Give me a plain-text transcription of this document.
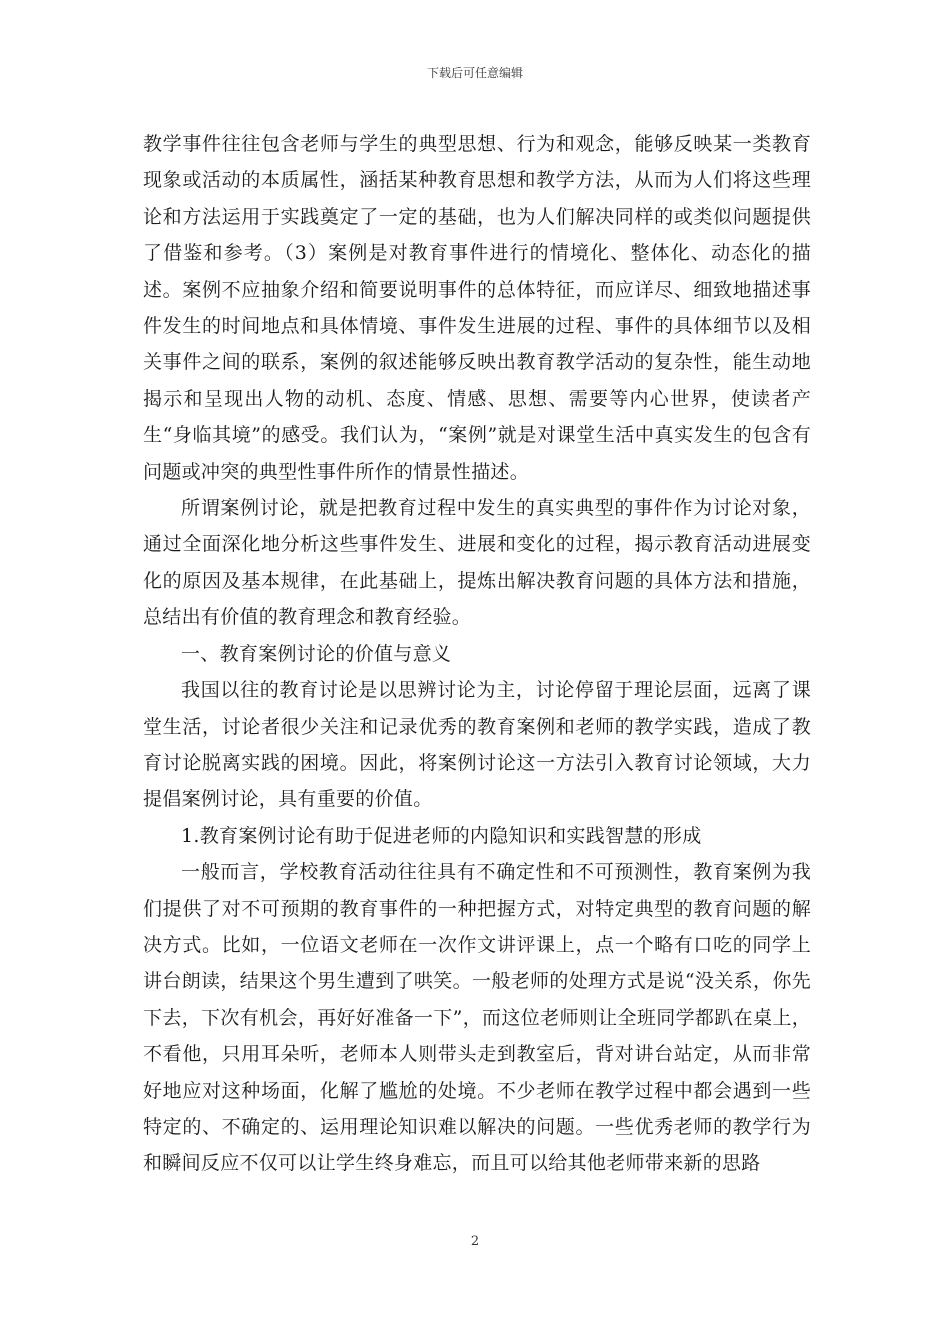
下载后可任意编辑

教学事件往往包含老师与学生的典型思想、行为和观念，能够反映某一类教育现象或活动的本质属性，涵括某种教育思想和教学方法，从而为人们将这些理论和方法运用于实践奠定了一定的基础，也为人们解决同样的或类似问题提供了借鉴和参考。（3）案例是对教育事件进行的情境化、整体化、动态化的描述。案例不应抽象介绍和简要说明事件的总体特征，而应详尽、细致地描述事件发生的时间地点和具体情境、事件发生进展的过程、事件的具体细节以及相关事件之间的联系，案例的叙述能够反映出教育教学活动的复杂性，能生动地揭示和呈现出人物的动机、态度、情感、思想、需要等内心世界，使读者产生“身临其境”的感受。我们认为，“案例”就是对课堂生活中真实发生的包含有问题或冲突的典型性事件所作的情景性描述。

所谓案例讨论，就是把教育过程中发生的真实典型的事件作为讨论对象，通过全面深化地分析这些事件发生、进展和变化的过程，揭示教育活动进展变化的原因及基本规律，在此基础上，提炼出解决教育问题的具体方法和措施，总结出有价值的教育理念和教育经验。

一、教育案例讨论的价值与意义

我国以往的教育讨论是以思辨讨论为主，讨论停留于理论层面，远离了课堂生活，讨论者很少关注和记录优秀的教育案例和老师的教学实践，造成了教育讨论脱离实践的困境。因此，将案例讨论这一方法引入教育讨论领域，大力提倡案例讨论，具有重要的价值。

1.教育案例讨论有助于促进老师的内隐知识和实践智慧的形成

一般而言，学校教育活动往往具有不确定性和不可预测性，教育案例为我们提供了对不可预期的教育事件的一种把握方式，对特定典型的教育问题的解决方式。比如，一位语文老师在一次作文讲评课上，点一个略有口吃的同学上讲台朗读，结果这个男生遭到了哄笑。一般老师的处理方式是说“没关系，你先下去，下次有机会，再好好准备一下”，而这位老师则让全班同学都趴在桌上，不看他，只用耳朵听，老师本人则带头走到教室后，背对讲台站定，从而非常好地应对这种场面，化解了尴尬的处境。不少老师在教学过程中都会遇到一些特定的、不确定的、运用理论知识难以解决的问题。一些优秀老师的教学行为和瞬间反应不仅可以让学生终身难忘，而且可以给其他老师带来新的思路

2
